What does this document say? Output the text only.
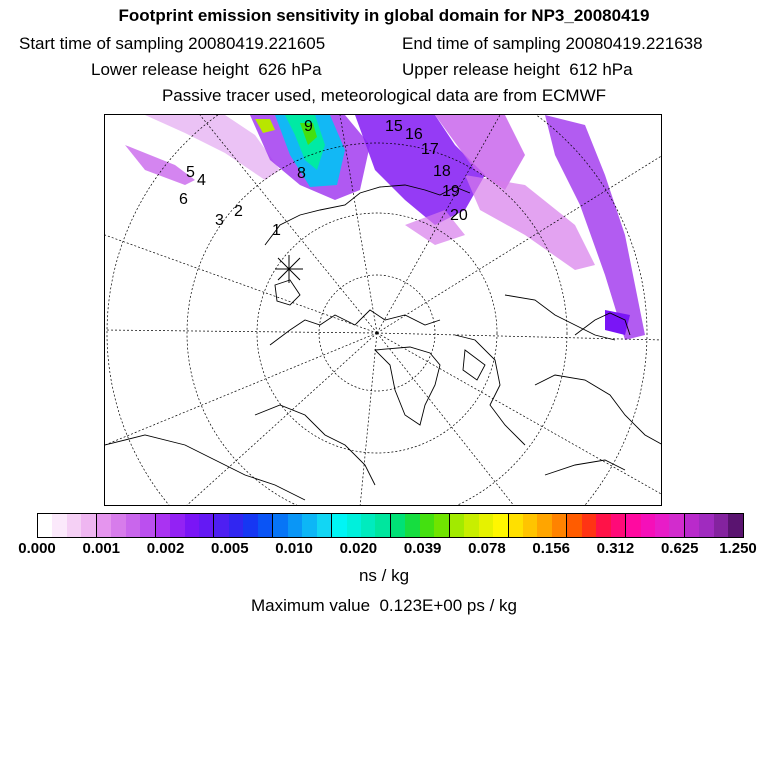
Footprint emission sensitivity in global domain for NP3_20080419

Start time of sampling 20080419.221605

	End time of sampling 20080419.221638

Lower release height  626 hPa

	Upper release height  612 hPa

Passive tracer used, meteorological data are from ECMWF
9	15 16
17
18
19
20
8
5 4
6
2
3
1
0.000 0.001 0.002 0.005 0.010 0.020 0.039 0.078 0.156 0.312 0.625 1.250
ns / kg
Maximum value  0.123E+00 ps / kg
